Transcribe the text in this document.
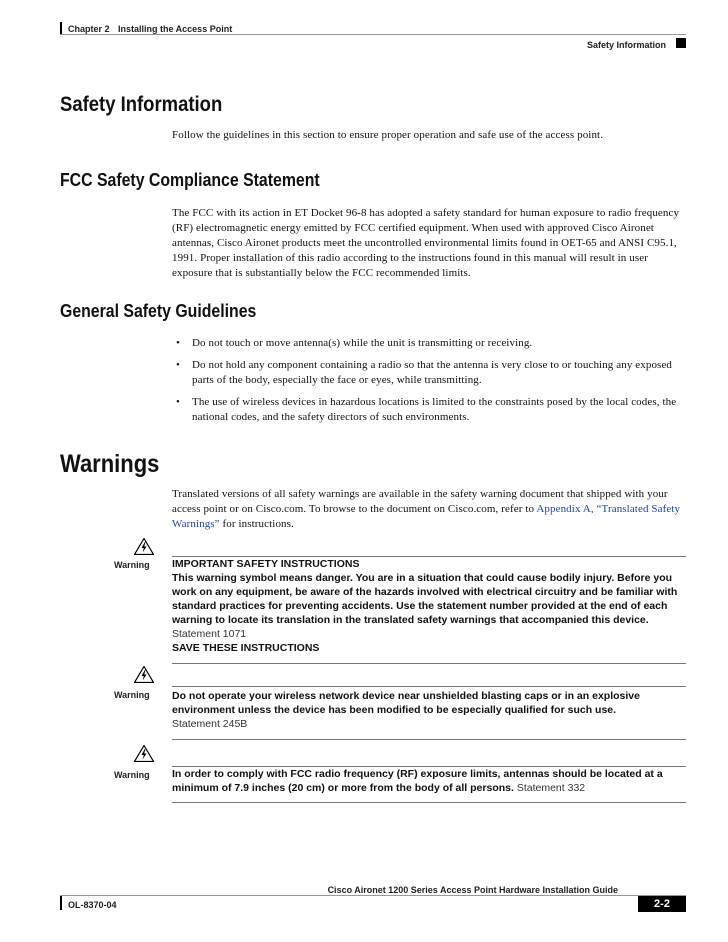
Chapter 2 Installing the Access Point
Safety Information
Safety Information
Follow the guidelines in this section to ensure proper operation and safe use of the access point.
FCC Safety Compliance Statement
The FCC with its action in ET Docket 96-8 has adopted a safety standard for human exposure to radio frequency (RF) electromagnetic energy emitted by FCC certified equipment. When used with approved Cisco Aironet antennas, Cisco Aironet products meet the uncontrolled environmental limits found in OET-65 and ANSI C95.1, 1991. Proper installation of this radio according to the instructions found in this manual will result in user exposure that is substantially below the FCC recommended limits.
General Safety Guidelines
• Do not touch or move antenna(s) while the unit is transmitting or receiving.
• Do not hold any component containing a radio so that the antenna is very close to or touching any exposed parts of the body, especially the face or eyes, while transmitting.
• The use of wireless devices in hazardous locations is limited to the constraints posed by the local codes, the national codes, and the safety directors of such environments.
Warnings
Translated versions of all safety warnings are available in the safety warning document that shipped with your access point or on Cisco.com. To browse to the document on Cisco.com, refer to Appendix A, “Translated Safety Warnings” for instructions.
Warning IMPORTANT SAFETY INSTRUCTIONS
This warning symbol means danger. You are in a situation that could cause bodily injury. Before you work on any equipment, be aware of the hazards involved with electrical circuitry and be familiar with standard practices for preventing accidents. Use the statement number provided at the end of each warning to locate its translation in the translated safety warnings that accompanied this device.
Statement 1071
SAVE THESE INSTRUCTIONS
Warning Do not operate your wireless network device near unshielded blasting caps or in an explosive environment unless the device has been modified to be especially qualified for such use.
Statement 245B
Warning In order to comply with FCC radio frequency (RF) exposure limits, antennas should be located at a minimum of 7.9 inches (20 cm) or more from the body of all persons. Statement 332
Cisco Aironet 1200 Series Access Point Hardware Installation Guide
OL-8370-04	2-2
